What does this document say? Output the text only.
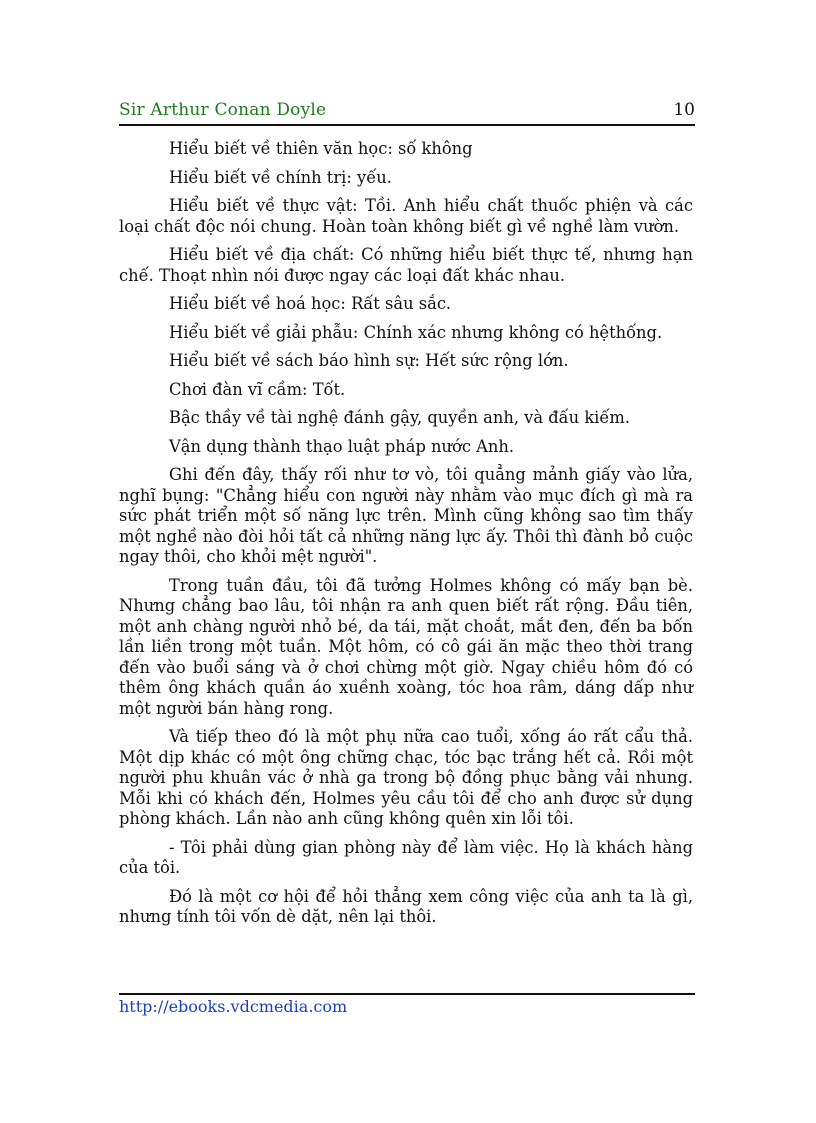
Sir Arthur Conan Doyle	10

Hiểu biết về thiên văn học: số không

Hiểu biết về chính trị: yếu.

Hiểu biết về thực vật: Tồi. Anh hiểu chất thuốc phiện và các loại chất độc nói chung. Hoàn toàn không biết gì về nghề làm vườn.

Hiểu biết về địa chất: Có những hiểu biết thực tế, nhưng hạn chế. Thoạt nhìn nói được ngay các loại đất khác nhau.

Hiểu biết về hoá học: Rất sâu sắc.

Hiểu biết về giải phẫu: Chính xác nhưng không có hệthống.

Hiểu biết về sách báo hình sự: Hết sức rộng lớn.

Chơi đàn vĩ cầm: Tốt.

Bậc thầy về tài nghệ đánh gậy, quyền anh, và đấu kiếm.

Vận dụng thành thạo luật pháp nước Anh.

Ghi đến đây, thấy rối như tơ vò, tôi quẳng mảnh giấy vào lửa, nghĩ bụng: "Chẳng hiểu con người này nhằm vào mục đích gì mà ra sức phát triển một số năng lực trên. Mình cũng không sao tìm thấy một nghề nào đòi hỏi tất cả những năng lực ấy. Thôi thì đành bỏ cuộc ngay thôi, cho khỏi mệt người".

Trong tuần đầu, tôi đã tưởng Holmes không có mấy bạn bè. Nhưng chẳng bao lâu, tôi nhận ra anh quen biết rất rộng. Đầu tiên, một anh chàng người nhỏ bé, da tái, mặt choắt, mắt đen, đến ba bốn lần liền trong một tuần. Một hôm, có cô gái ăn mặc theo thời trang đến vào buổi sáng và ở chơi chừng một giờ. Ngay chiều hôm đó có thêm ông khách quần áo xuềnh xoàng, tóc hoa râm, dáng dấp như một người bán hàng rong.

Và tiếp theo đó là một phụ nữa cao tuổi, xống áo rất cẩu thả. Một dịp khác có một ông chững chạc, tóc bạc trắng hết cả. Rồi một người phu khuân vác ở nhà ga trong bộ đồng phục bằng vải nhung. Mỗi khi có khách đến, Holmes yêu cầu tôi để cho anh được sử dụng phòng khách. Lần nào anh cũng không quên xin lỗi tôi.

- Tôi phải dùng gian phòng này để làm việc. Họ là khách hàng của tôi.

Đó là một cơ hội để hỏi thẳng xem công việc của anh ta là gì, nhưng tính tôi vốn dè dặt, nên lại thôi.

http://ebooks.vdcmedia.com
